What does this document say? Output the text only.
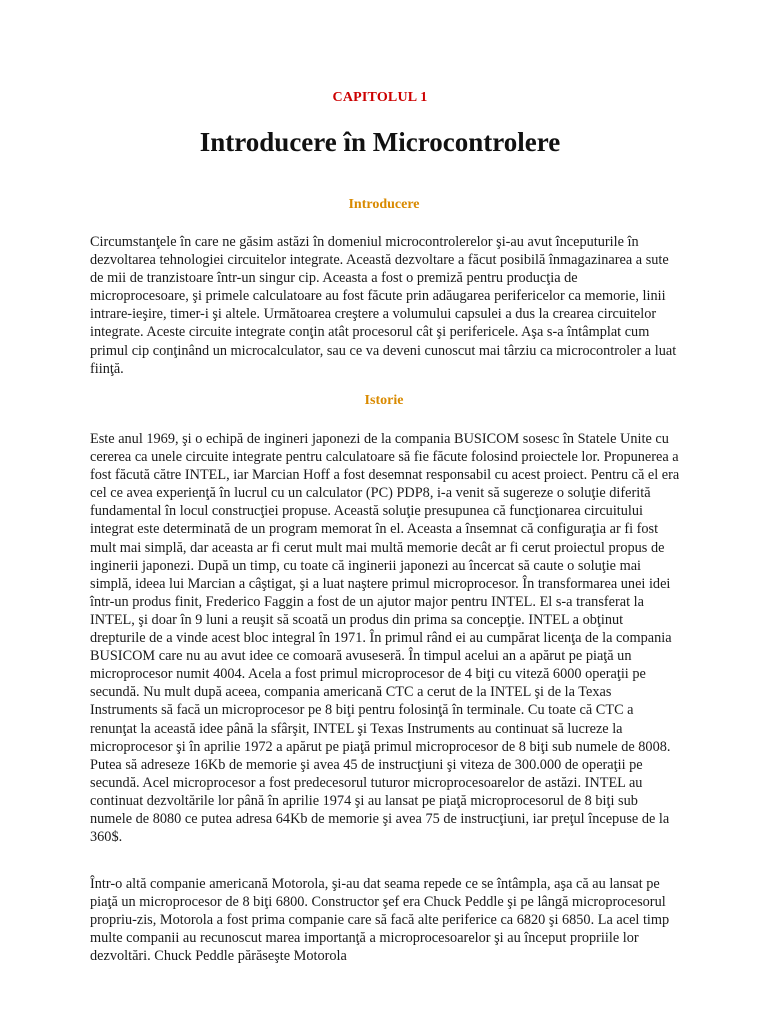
CAPITOLUL 1
Introducere în Microcontrolere
Introducere

Circumstanţele în care ne găsim astăzi în domeniul microcontrolerelor şi-au avut începuturile în dezvoltarea tehnologiei circuitelor integrate. Această dezvoltare a făcut posibilă înmagazinarea a sute de mii de tranzistoare într-un singur cip. Aceasta a fost o premiză pentru producţia de microprocesoare, şi primele calculatoare au fost făcute prin adăugarea perifericelor ca memorie, linii intrare-ieşire, timer-i şi altele. Următoarea creştere a volumului capsulei a dus la crearea circuitelor integrate. Aceste circuite integrate conţin atât procesorul cât şi perifericele. Aşa s-a întâmplat cum primul cip conţinând un microcalculator, sau ce va deveni cunoscut mai târziu ca microcontroler a luat fiinţă.

Istorie

Este anul 1969, şi o echipă de ingineri japonezi de la compania BUSICOM sosesc în Statele Unite cu cererea ca unele circuite integrate pentru calculatoare să fie făcute folosind proiectele lor. Propunerea a fost făcută către INTEL, iar Marcian Hoff a fost desemnat responsabil cu acest proiect. Pentru că el era cel ce avea experienţă în lucrul cu un calculator (PC) PDP8, i-a venit să sugereze o soluţie diferită fundamental în locul construcţiei propuse. Această soluţie presupunea că funcţionarea circuitului integrat este determinată de un program memorat în el. Aceasta a însemnat că configuraţia ar fi fost mult mai simplă, dar aceasta ar fi cerut mult mai multă memorie decât ar fi cerut proiectul propus de inginerii japonezi. După un timp, cu toate că inginerii japonezi au încercat să caute o soluţie mai simplă, ideea lui Marcian a câştigat, şi a luat naştere primul microprocesor. În transformarea unei idei într-un produs finit, Frederico Faggin a fost de un ajutor major pentru INTEL. El s-a transferat la INTEL, şi doar în 9 luni a reuşit să scoată un produs din prima sa concepţie. INTEL a obţinut drepturile de a vinde acest bloc integral în 1971. În primul rând ei au cumpărat licenţa de la compania BUSICOM care nu au avut idee ce comoară avuseseră. În timpul acelui an a apărut pe piaţă un microprocesor numit 4004. Acela a fost primul microprocesor de 4 biţi cu viteză 6000 operaţii pe secundă. Nu mult după aceea, compania americană CTC a cerut de la INTEL şi de la Texas Instruments să facă un microprocesor pe 8 biţi pentru folosinţă în terminale. Cu toate că CTC a renunţat la această idee până la sfârşit, INTEL şi Texas Instruments au continuat să lucreze la microprocesor şi în aprilie 1972 a apărut pe piaţă primul microprocesor de 8 biţi sub numele de 8008. Putea să adreseze 16Kb de memorie şi avea 45 de instrucţiuni şi viteza de 300.000 de operaţii pe secundă. Acel microprocesor a fost predecesorul tuturor microprocesoarelor de astăzi. INTEL au continuat dezvoltările lor până în aprilie 1974 şi au lansat pe piaţă microprocesorul de 8 biţi sub numele de 8080 ce putea adresa 64Kb de memorie şi avea 75 de instrucţiuni, iar preţul începuse de la 360$.

Într-o altă companie americană Motorola, şi-au dat seama repede ce se întâmpla, aşa că au lansat pe piaţă un microprocesor de 8 biţi 6800. Constructor şef era Chuck Peddle şi pe lângă microprocesorul propriu-zis, Motorola a fost prima companie care să facă alte periferice ca 6820 şi 6850. La acel timp multe companii au recunoscut marea importanţă a microprocesoarelor şi au început propriile lor dezvoltări. Chuck Peddle părăseşte Motorola
